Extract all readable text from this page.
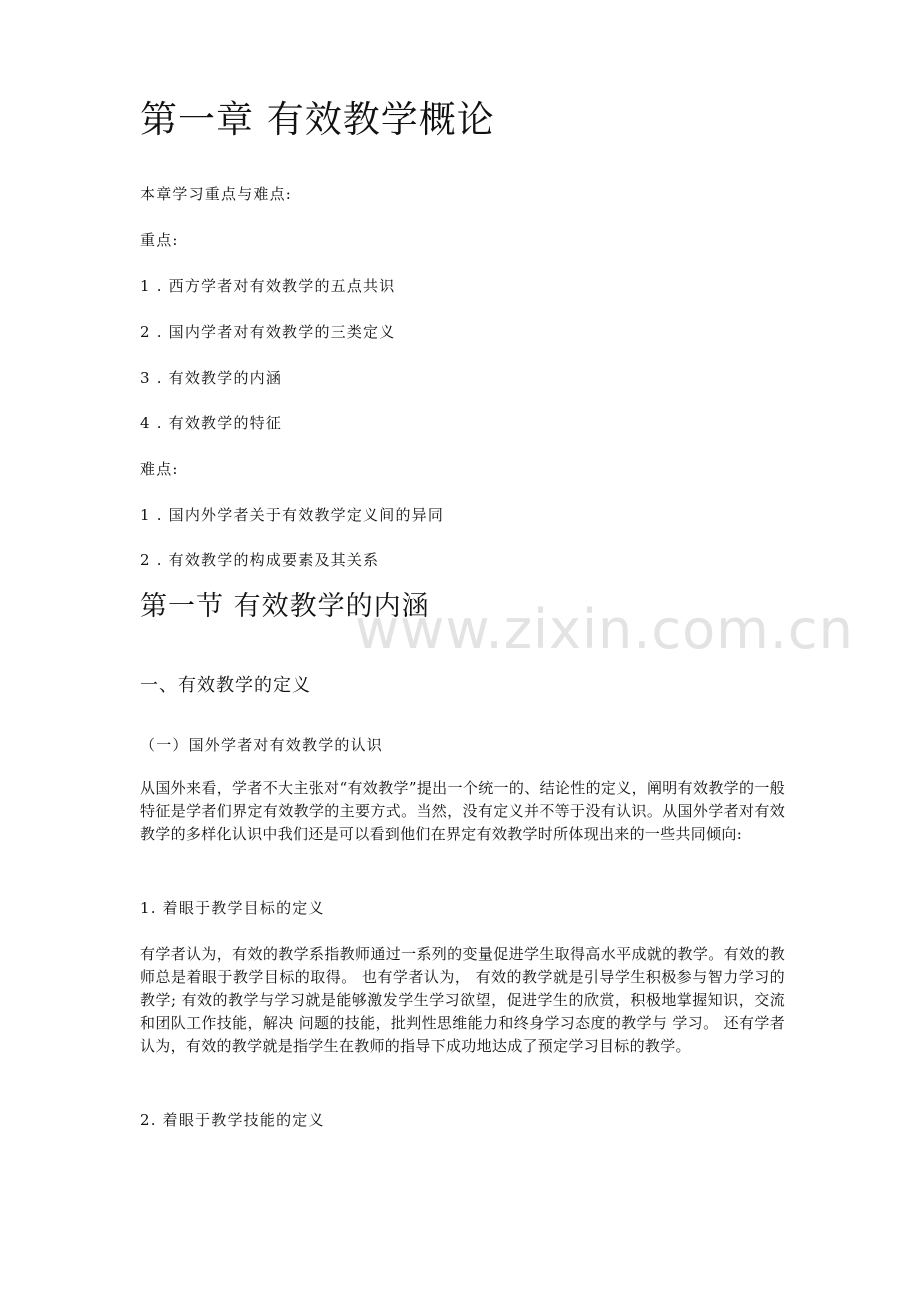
www.zixin.com.cn
第一章 有效教学概论

本章学习重点与难点:

重点:

1 . 西方学者对有效教学的五点共识

2 . 国内学者对有效教学的三类定义

3 . 有效教学的内涵

4 . 有效教学的特征

难点:

1 . 国内外学者关于有效教学定义间的异同

2 . 有效教学的构成要素及其关系

第一节 有效教学的内涵
一、有效教学的定义

（一）国外学者对有效教学的认识

从国外来看，学者不大主张对“有效教学”提出一个统一的、结论性的定义，阐明有效教学的一般特征是学者们界定有效教学的主要方式。当然，没有定义并不等于没有认识。从国外学者对有效教学的多样化认识中我们还是可以看到他们在界定有效教学时所体现出来的一些共同倾向:

1. 着眼于教学目标的定义

有学者认为，有效的教学系指教师通过一系列的变量促进学生取得高水平成就的教学。有效的教师总是着眼于教学目标的取得。 也有学者认为， 有效的教学就是引导学生积极参与智力学习的教学; 有效的教学与学习就是能够激发学生学习欲望，促进学生的欣赏，积极地掌握知识，交流和团队工作技能，解决 问题的技能，批判性思维能力和终身学习态度的教学与 学习。 还有学者认为，有效的教学就是指学生在教师的指导下成功地达成了预定学习目标的教学。

2. 着眼于教学技能的定义
